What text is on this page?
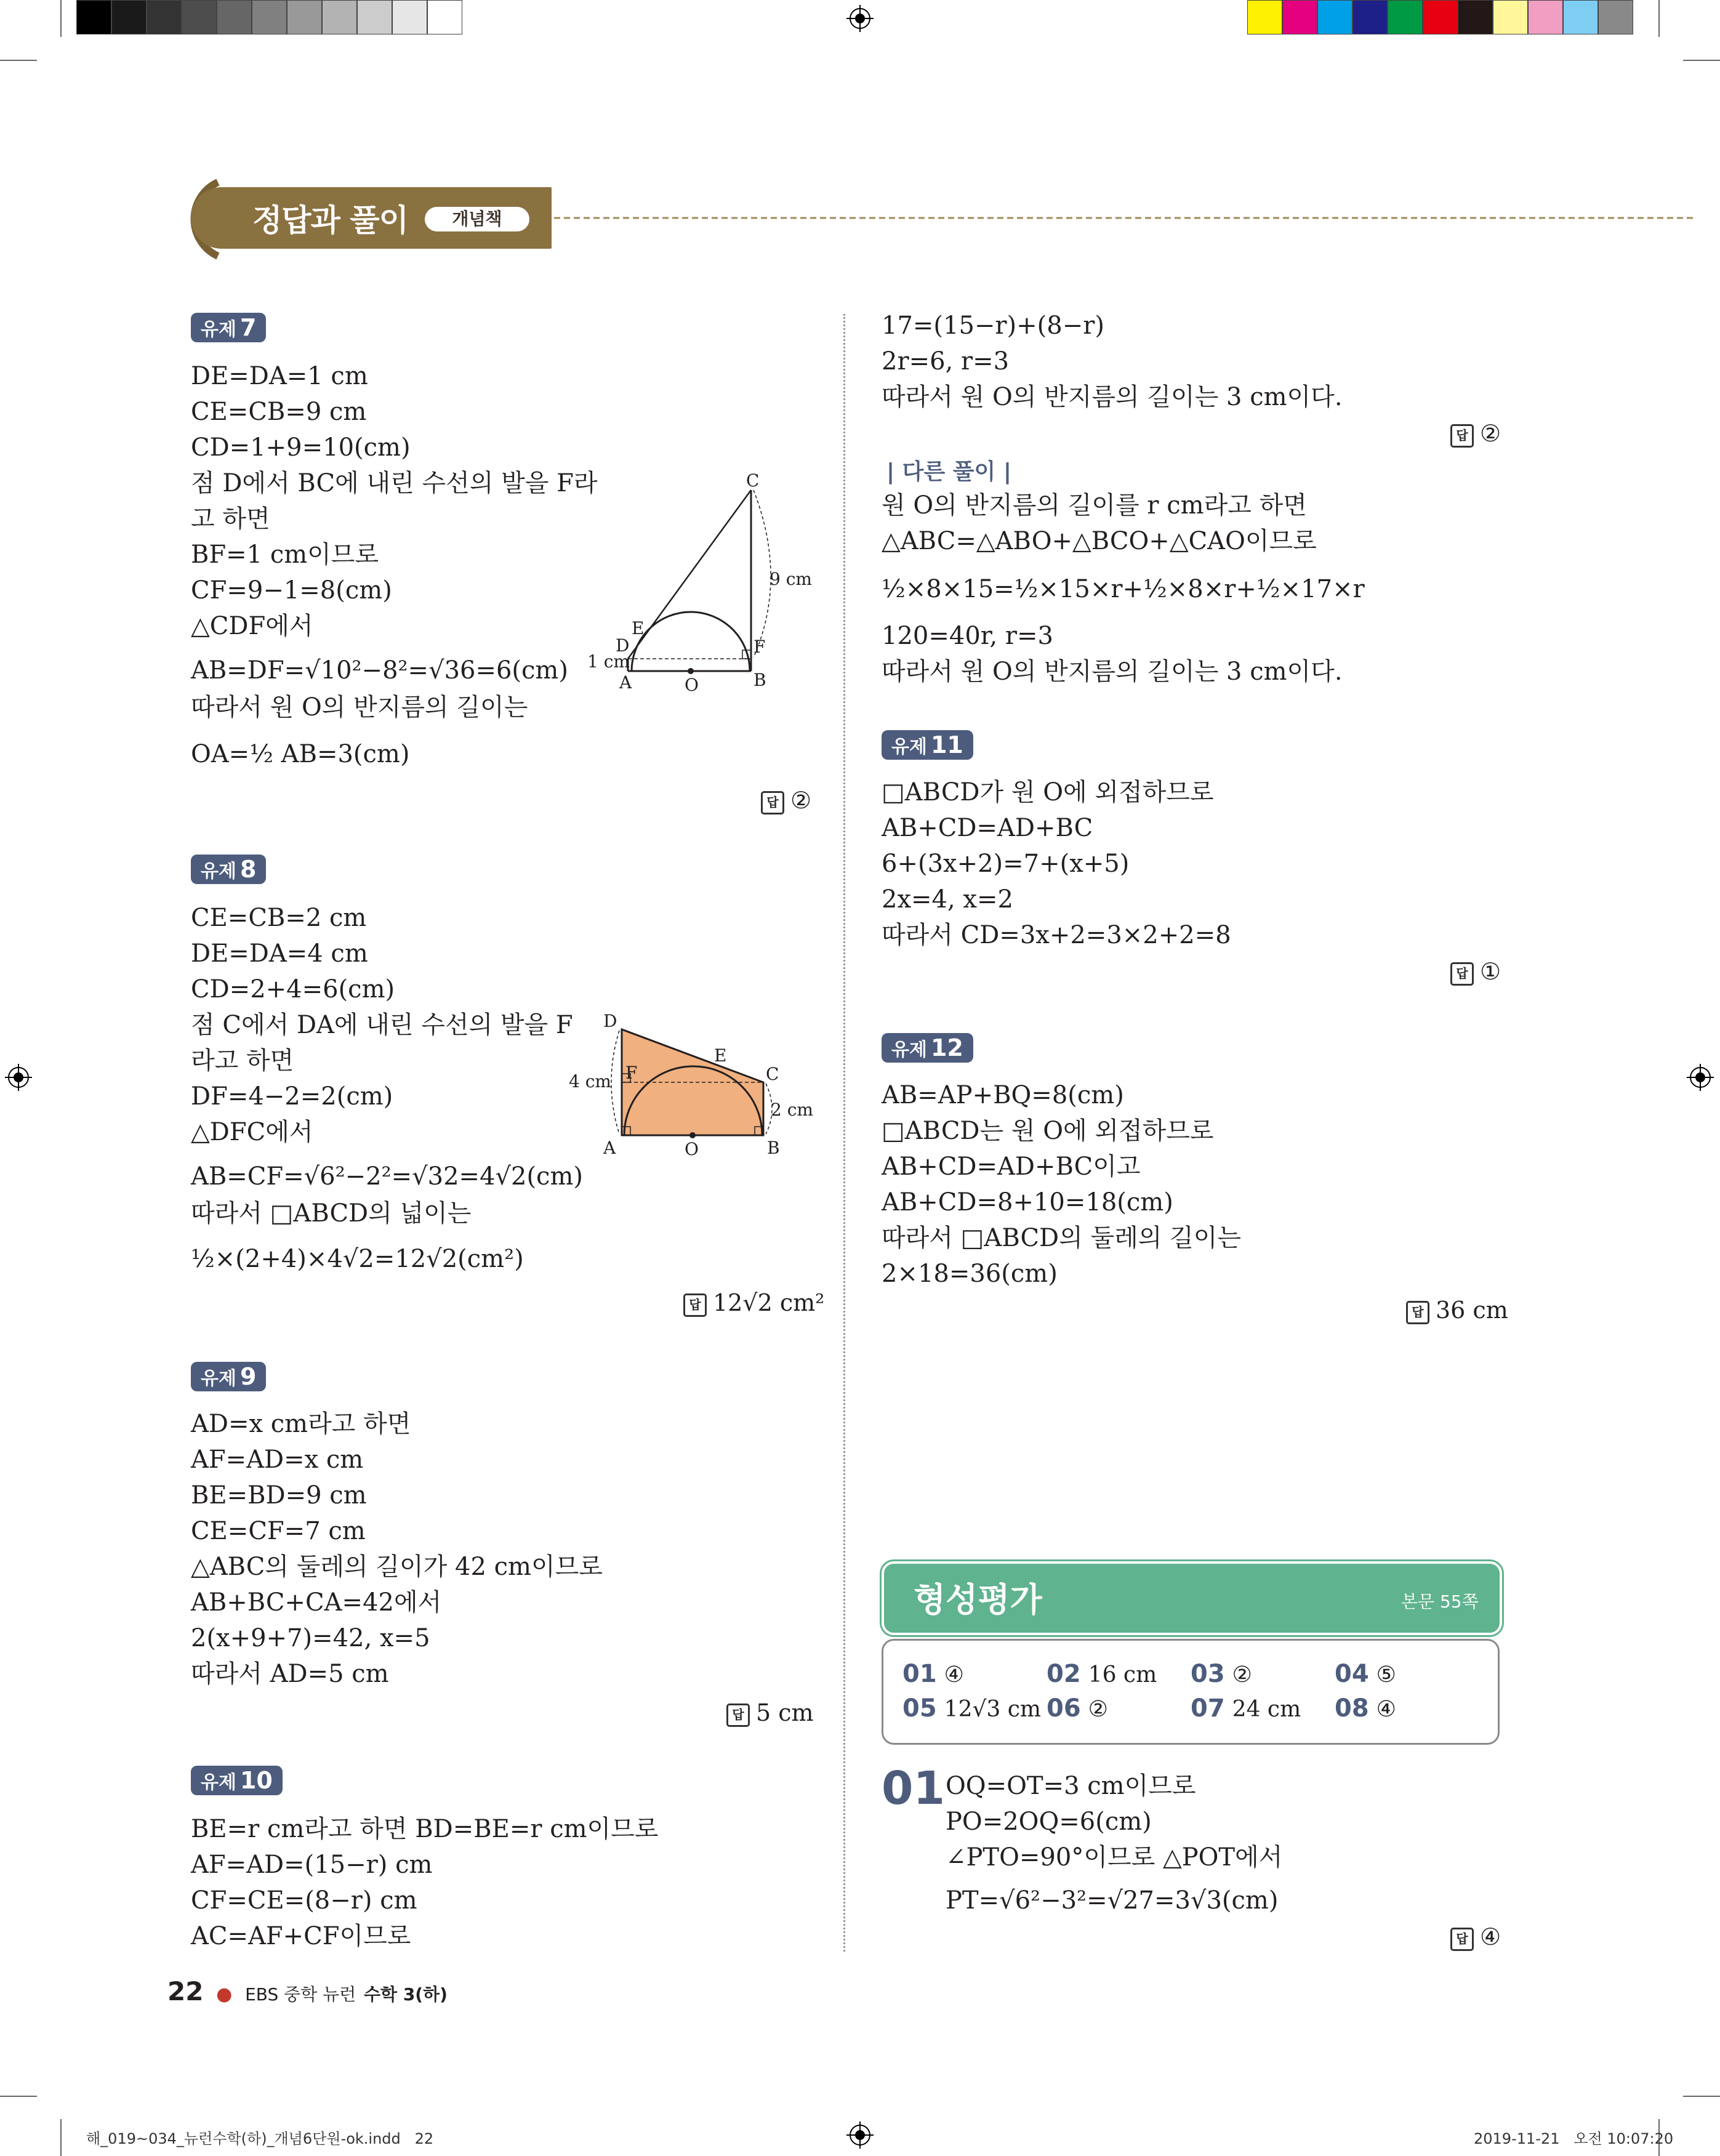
정답과 풀이	개념책
유제 7
DE=DA=1 cm
CE=CB=9 cm
CD=1+9=10(cm)
점 D에서 BC에 내린 수선의 발을 F라
고 하면
BF=1 cm이므로
CF=9−1=8(cm)
△CDF에서
AB=DF=√10²−8²=√36=6(cm)
따라서 원 O의 반지름의 길이는
OA=½ AB=3(cm)
답 ②
C
E
D
A	O	B
F
1 cm
9 cm
유제 8
CE=CB=2 cm
DE=DA=4 cm
CD=2+4=6(cm)
점 C에서 DA에 내린 수선의 발을 F
라고 하면
DF=4−2=2(cm)
△DFC에서
AB=CF=√6²−2²=√32=4√2(cm)
따라서 □ABCD의 넓이는
½×(2+4)×4√2=12√2(cm²)
답 12√2 cm²
D
E
F	C
A	O	B
4 cm
2 cm
유제 9
AD=x cm라고 하면
AF=AD=x cm
BE=BD=9 cm
CE=CF=7 cm
△ABC의 둘레의 길이가 42 cm이므로
AB+BC+CA=42에서
2(x+9+7)=42, x=5
따라서 AD=5 cm
답 5 cm
유제 10
BE=r cm라고 하면 BD=BE=r cm이므로
AF=AD=(15−r) cm
CF=CE=(8−r) cm
AC=AF+CF이므로
17=(15−r)+(8−r)
2r=6, r=3
따라서 원 O의 반지름의 길이는 3 cm이다.
답 ②
| 다른 풀이 |
원 O의 반지름의 길이를 r cm라고 하면
△ABC=△ABO+△BCO+△CAO이므로
½×8×15=½×15×r+½×8×r+½×17×r
120=40r, r=3
따라서 원 O의 반지름의 길이는 3 cm이다.
유제 11
□ABCD가 원 O에 외접하므로
AB+CD=AD+BC
6+(3x+2)=7+(x+5)
2x=4, x=2
따라서 CD=3x+2=3×2+2=8
답 ①
유제 12
AB=AP+BQ=8(cm)
□ABCD는 원 O에 외접하므로
AB+CD=AD+BC이고
AB+CD=8+10=18(cm)
따라서 □ABCD의 둘레의 길이는
2×18=36(cm)
답 36 cm
형성평가	본문 55쪽
01 ④	02 16 cm 03 ②	04 ⑤
05 12√3 cm 06 ②	07 24 cm 08 ④
01 OQ=OT=3 cm이므로
PO=2OQ=6(cm)
∠PTO=90°이므로 △POT에서
PT=√6²−3²=√27=3√3(cm)
답 ④
22 ● EBS 중학 뉴런 수학 3(하)
해_019~034_뉴런수학(하)_개념6단원-ok.indd   22	2019-11-21   오전 10:07:20
